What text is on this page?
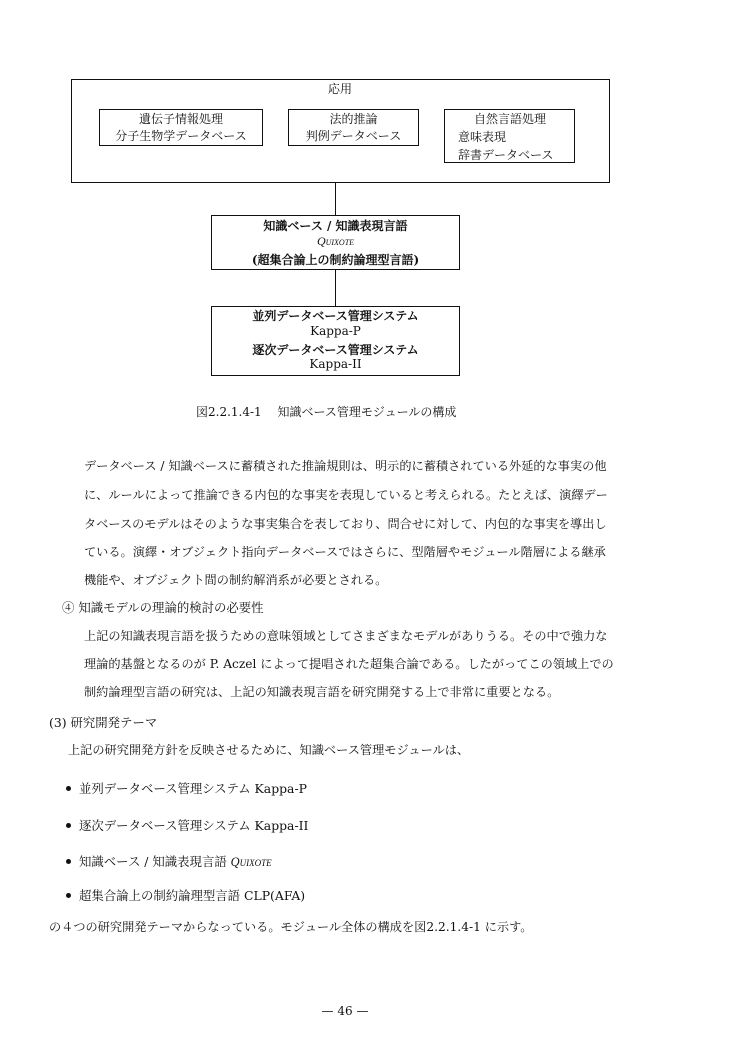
応用
遺伝子情報処理
分子生物学データベース
法的推論
判例データベース
自然言語処理
意味表現
辞書データベース
知識ベース / 知識表現言語
Quixote
(超集合論上の制約論理型言語)
並列データベース管理システム
Kappa-P
逐次データベース管理システム
Kappa-II
図2.2.1.4-1　 知識ベース管理モジュールの構成
データベース / 知識ベースに蓄積された推論規則は、明示的に蓄積されている外延的な事実の他
に、ルールによって推論できる内包的な事実を表現していると考えられる。たとえば、演繹デー
タベースのモデルはそのような事実集合を表しており、問合せに対して、内包的な事実を導出し
ている。演繹・オブジェクト指向データベースではさらに、型階層やモジュール階層による継承
機能や、オブジェクト間の制約解消系が必要とされる。
④ 知識モデルの理論的検討の必要性
上記の知識表現言語を扱うための意味領域としてさまざまなモデルがありうる。その中で強力な
理論的基盤となるのが P. Aczel によって提唱された超集合論である。したがってこの領域上での
制約論理型言語の研究は、上記の知識表現言語を研究開発する上で非常に重要となる。
(3) 研究開発テーマ
上記の研究開発方針を反映させるために、知識ベース管理モジュールは、
並列データベース管理システム Kappa-P
逐次データベース管理システム Kappa-II
知識ベース / 知識表現言語 Quixote
超集合論上の制約論理型言語 CLP(AFA)
の４つの研究開発テーマからなっている。モジュール全体の構成を図2.2.1.4-1 に示す。
— 46 —
